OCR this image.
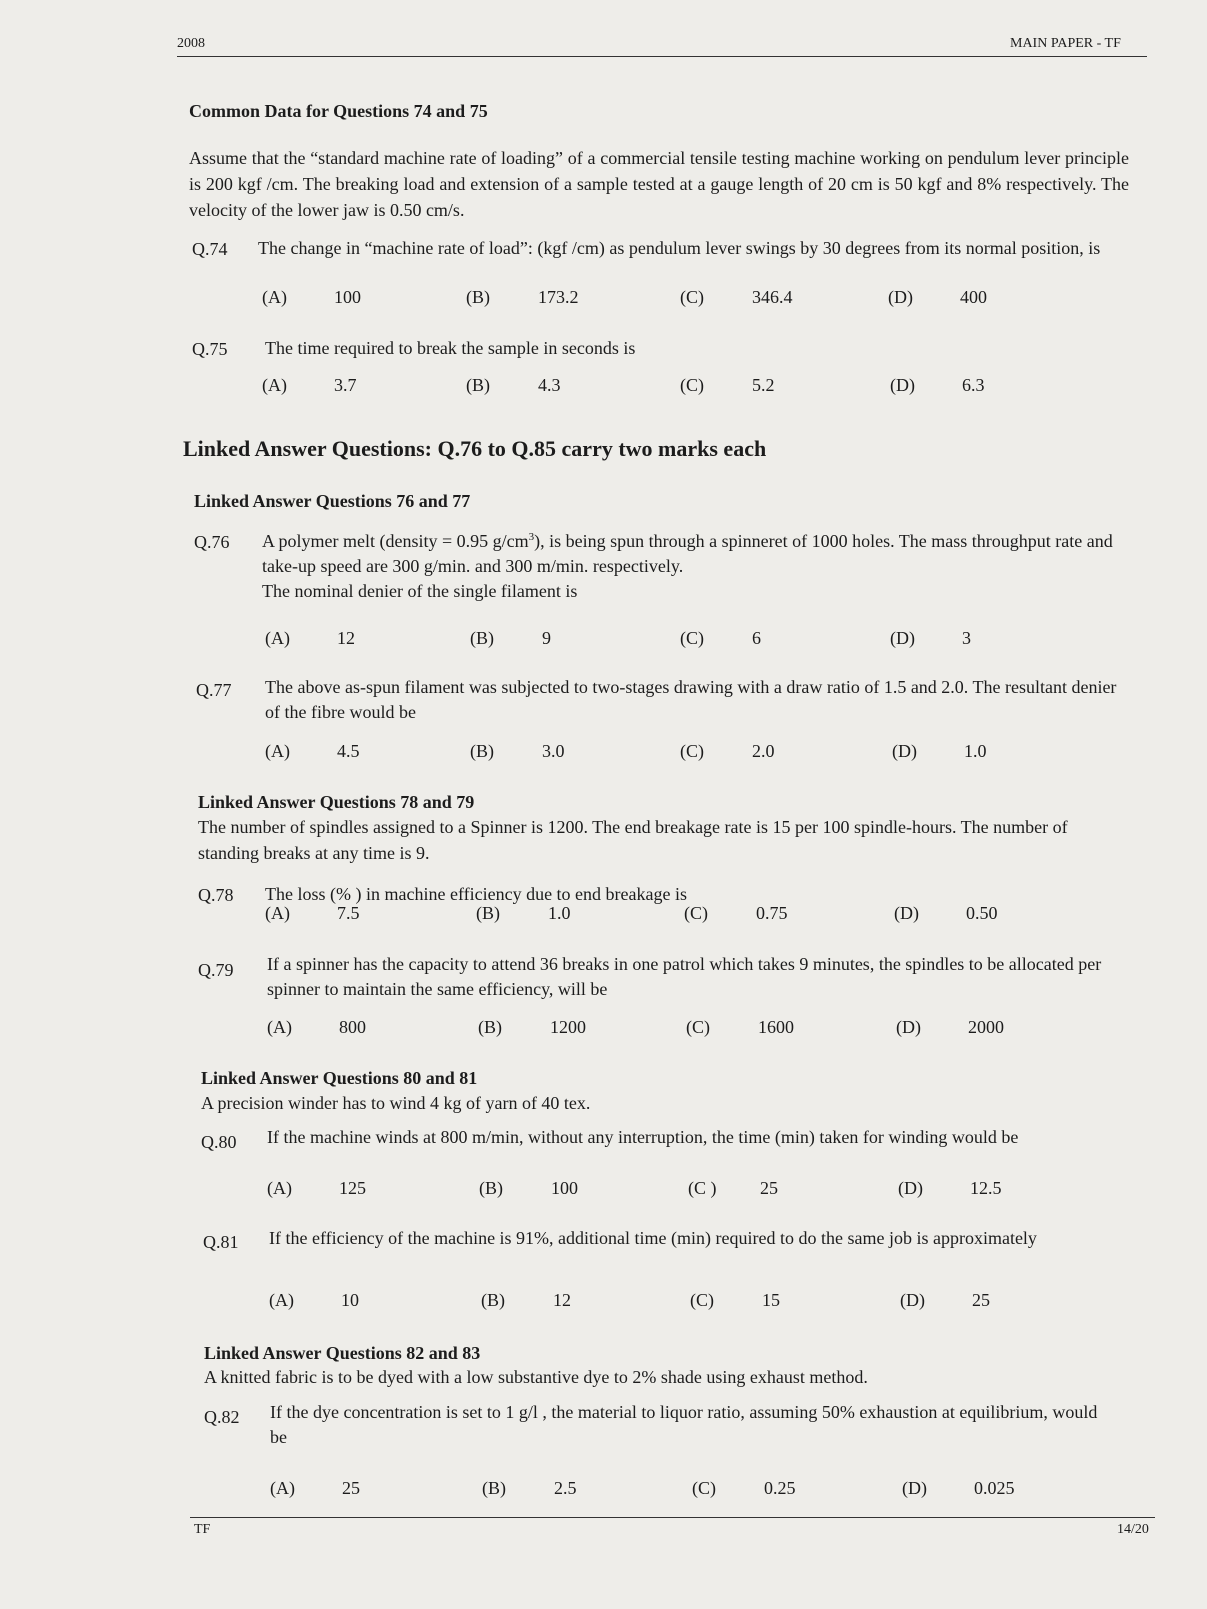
2008	MAIN PAPER - TF
Common Data for Questions 74 and 75
Assume that the “standard machine rate of loading” of a commercial tensile testing machine working on pendulum lever principle is 200 kgf /cm. The breaking load and extension of a sample tested at a gauge length of 20 cm is 50 kgf and 8% respectively. The velocity of the lower jaw is 0.50 cm/s.
Q.74 The change in “machine rate of load”: (kgf /cm) as pendulum lever swings by 30 degrees from its normal position, is
(A)	100	(B)	173.2	(C)	346.4	(D)	400
Q.75 The time required to break the sample in seconds is
(A)	3.7	(B)	4.3	(C)	5.2	(D)	6.3
Linked Answer Questions: Q.76 to Q.85 carry two marks each
Linked Answer Questions 76 and 77
Q.76 A polymer melt (density = 0.95 $g/cm^3$), is being spun through a spinneret of 1000 holes. The mass throughput rate and take-up speed are 300 g/min. and 300 m/min. respectively.
The nominal denier of the single filament is
(A)	12	(B)	9	(C)	6	(D)	3
Q.77 The above as-spun filament was subjected to two-stages drawing with a draw ratio of 1.5 and 2.0. The resultant denier of the fibre would be
(A)	4.5	(B)	3.0	(C)	2.0	(D)	1.0
Linked Answer Questions 78 and 79
The number of spindles assigned to a Spinner is 1200. The end breakage rate is 15 per 100 spindle-hours. The number of standing breaks at any time is 9.
Q.78 The loss (% ) in machine efficiency due to end breakage is
(A)	7.5	(B)	1.0	(C)	0.75	(D)	0.50
Q.79 If a spinner has the capacity to attend 36 breaks in one patrol which takes 9 minutes, the spindles to be allocated per spinner to maintain the same efficiency, will be
(A)	800	(B)	1200	(C)	1600	(D)	2000
Linked Answer Questions 80 and 81
A precision winder has to wind 4 kg of yarn of 40 tex.
Q.80 If the machine winds at 800 m/min, without any interruption, the time (min) taken for winding would be
(A)	125	(B)	100	(C ) 25	(D)	12.5
Q.81 If the efficiency of the machine is 91%, additional time (min) required to do the same job is approximately
(A)	10	(B)	12	(C)	15	(D)	25
Linked Answer Questions 82 and 83
A knitted fabric is to be dyed with a low substantive dye to 2% shade using exhaust method.
Q.82 If the dye concentration is set to 1 g/l , the material to liquor ratio, assuming 50% exhaustion at equilibrium, would be
(A)	25	(B)	2.5	(C)	0.25	(D)	0.025
TF	14/20
